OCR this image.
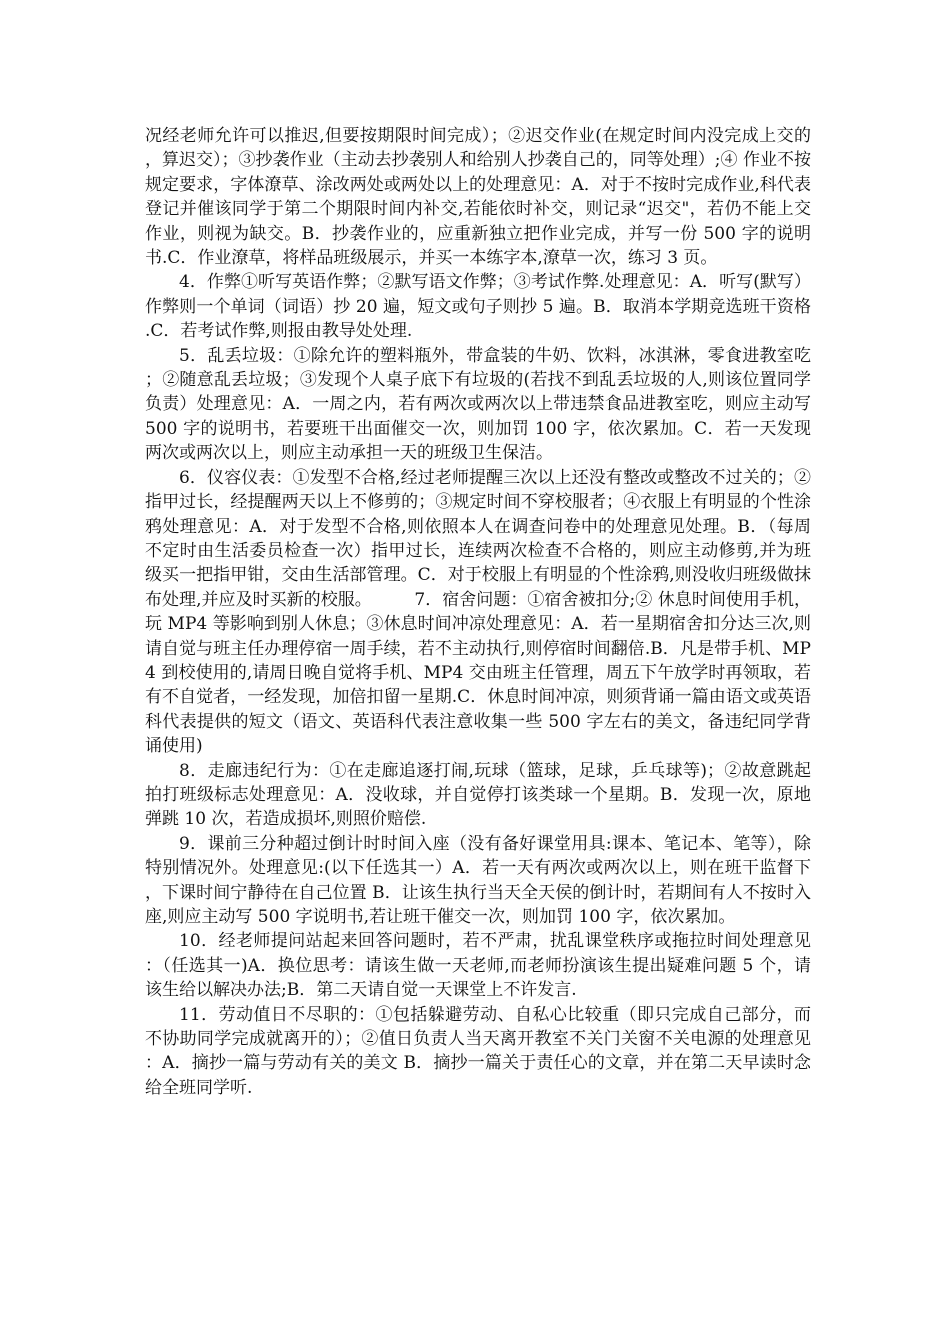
况经老师允许可以推迟,但要按期限时间完成）；②迟交作业(在规定时间内没完成上交的，算迟交）；③抄袭作业（主动去抄袭别人和给别人抄袭自己的，同等处理）;④ 作业不按规定要求，字体潦草、涂改两处或两处以上的处理意见：A．对于不按时完成作业,科代表登记并催该同学于第二个期限时间内补交,若能依时补交，则记录“迟交"，若仍不能上交作业，则视为缺交。B．抄袭作业的，应重新独立把作业完成，并写一份 500 字的说明书.C．作业潦草，将样品班级展示，并买一本练字本,潦草一次，练习 3 页。

4．作弊①听写英语作弊；②默写语文作弊；③考试作弊.处理意见：A．听写(默写）作弊则一个单词（词语）抄 20 遍，短文或句子则抄 5 遍。B．取消本学期竞选班干资格.C．若考试作弊,则报由教导处处理.

5．乱丢垃圾：①除允许的塑料瓶外，带盒装的牛奶、饮料，冰淇淋，零食进教室吃；②随意乱丢垃圾；③发现个人桌子底下有垃圾的(若找不到乱丢垃圾的人,则该位置同学负责）处理意见：A．一周之内，若有两次或两次以上带违禁食品进教室吃，则应主动写 500 字的说明书，若要班干出面催交一次，则加罚 100 字，依次累加。C．若一天发现两次或两次以上，则应主动承担一天的班级卫生保洁。

6．仪容仪表：①发型不合格,经过老师提醒三次以上还没有整改或整改不过关的；②指甲过长，经提醒两天以上不修剪的；③规定时间不穿校服者；④衣服上有明显的个性涂鸦处理意见：A．对于发型不合格,则依照本人在调查问卷中的处理意见处理。B．（每周不定时由生活委员检查一次）指甲过长，连续两次检查不合格的，则应主动修剪,并为班级买一把指甲钳，交由生活部管理。C．对于校服上有明显的个性涂鸦,则没收归班级做抹布处理,并应及时买新的校服。　　　7．宿舍问题：①宿舍被扣分;② 休息时间使用手机，玩 MP4 等影响到别人休息；③休息时间冲凉处理意见：A．若一星期宿舍扣分达三次,则请自觉与班主任办理停宿一周手续，若不主动执行,则停宿时间翻倍.B．凡是带手机、MP4 到校使用的,请周日晚自觉将手机、MP4 交由班主任管理，周五下午放学时再领取，若有不自觉者，一经发现，加倍扣留一星期.C．休息时间冲凉，则须背诵一篇由语文或英语科代表提供的短文（语文、英语科代表注意收集一些 500 字左右的美文，备违纪同学背诵使用)

8．走廊违纪行为：①在走廊追逐打闹,玩球（篮球，足球，乒乓球等)；②故意跳起拍打班级标志处理意见：A．没收球，并自觉停打该类球一个星期。B．发现一次，原地弹跳 10 次，若造成损坏,则照价赔偿.

9．课前三分种超过倒计时时间入座（没有备好课堂用具:课本、笔记本、笔等），除特别情况外。处理意见:(以下任选其一）A．若一天有两次或两次以上，则在班干监督下，下课时间宁静待在自己位置 B．让该生执行当天全天侯的倒计时，若期间有人不按时入座,则应主动写 500 字说明书,若让班干催交一次，则加罚 100 字，依次累加。

10．经老师提问站起来回答问题时，若不严肃，扰乱课堂秩序或拖拉时间处理意见：（任选其一)A．换位思考：请该生做一天老师,而老师扮演该生提出疑难问题 5 个，请该生给以解决办法;B．第二天请自觉一天课堂上不许发言.

11．劳动值日不尽职的：①包括躲避劳动、自私心比较重（即只完成自己部分，而不协助同学完成就离开的）；②值日负责人当天离开教室不关门关窗不关电源的处理意见：A．摘抄一篇与劳动有关的美文 B．摘抄一篇关于责任心的文章，并在第二天早读时念给全班同学听.
